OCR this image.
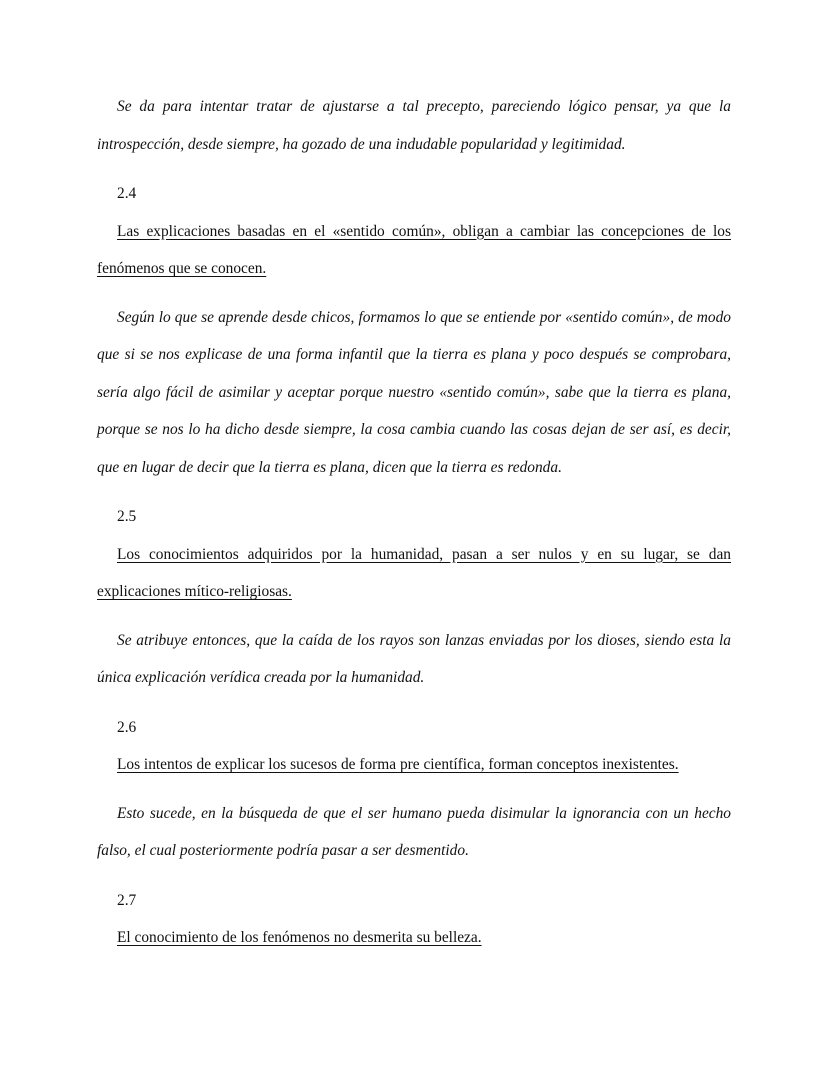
Se da para intentar tratar de ajustarse a tal precepto, pareciendo lógico pensar, ya que la introspección, desde siempre, ha gozado de una indudable popularidad y legitimidad.

2.4

Las explicaciones basadas en el «sentido común», obligan a cambiar las concepciones de los fenómenos que se conocen.

Según lo que se aprende desde chicos, formamos lo que se entiende por «sentido común», de modo que si se nos explicase de una forma infantil que la tierra es plana y poco después se comprobara, sería algo fácil de asimilar y aceptar porque nuestro «sentido común», sabe que la tierra es plana, porque se nos lo ha dicho desde siempre, la cosa cambia cuando las cosas dejan de ser así, es decir, que en lugar de decir que la tierra es plana, dicen que la tierra es redonda.

2.5

Los conocimientos adquiridos por la humanidad, pasan a ser nulos y en su lugar, se dan explicaciones mítico-religiosas.

Se atribuye entonces, que la caída de los rayos son lanzas enviadas por los dioses, siendo esta la única explicación verídica creada por la humanidad.

2.6

Los intentos de explicar los sucesos de forma pre científica, forman conceptos inexistentes.

Esto sucede, en la búsqueda de que el ser humano pueda disimular la ignorancia con un hecho falso, el cual posteriormente podría pasar a ser desmentido.

2.7

El conocimiento de los fenómenos no desmerita su belleza.
